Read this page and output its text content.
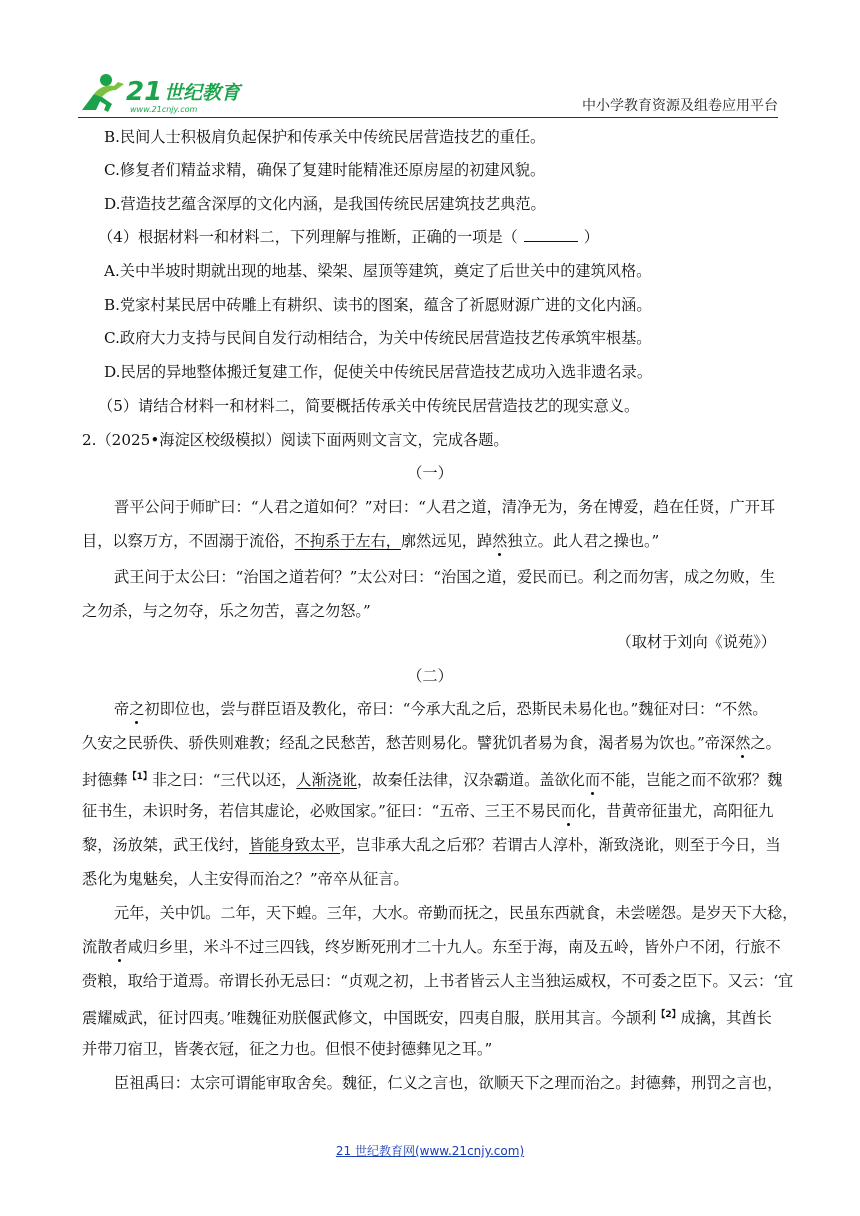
21 世纪教育
www.21cnjy.com	中小学教育资源及组卷应用平台
B.民间人士积极肩负起保护和传承关中传统民居营造技艺的重任。
C.修复者们精益求精，确保了复建时能精准还原房屋的初建风貌。
D.营造技艺蕴含深厚的文化内涵，是我国传统民居建筑技艺典范。
（4）根据材料一和材料二，下列理解与推断，正确的一项是（	）
A.关中半坡时期就出现的地基、梁架、屋顶等建筑，奠定了后世关中的建筑风格。
B.党家村某民居中砖雕上有耕织、读书的图案，蕴含了祈愿财源广进的文化内涵。
C.政府大力支持与民间自发行动相结合，为关中传统民居营造技艺传承筑牢根基。
D.民居的异地整体搬迁复建工作，促使关中传统民居营造技艺成功入选非遗名录。
（5）请结合材料一和材料二，简要概括传承关中传统民居营造技艺的现实意义。
2.（2025•海淀区校级模拟）阅读下面两则文言文，完成各题。
（一）
晋平公问于师旷曰：“人君之道如何？”对曰：“人君之道，清净无为，务在博爱，趋在任贤，广开耳
目，以察万方，不固溺于流俗，不拘系于左右，廓然远见，踔然独立。此人君之操也。”
武王问于太公曰：“治国之道若何？”太公对曰：“治国之道，爱民而已。利之而勿害，成之勿败，生
之勿杀，与之勿夺，乐之勿苦，喜之勿怒。”
（取材于刘向《说苑》）
（二）
帝之初即位也，尝与群臣语及教化，帝曰：“今承大乱之后，恐斯民未易化也。”魏征对曰：“不然。
久安之民骄佚、骄佚则难教；经乱之民愁苦，愁苦则易化。譬犹饥者易为食，渴者易为饮也。”帝深然之。
封德彝$^{【1】}$非之曰：“三代以还，人渐浇讹，故秦任法律，汉杂霸道。盖欲化而不能，岂能之而不欲邪？魏
征书生，未识时务，若信其虚论，必败国家。”征曰：“五帝、三王不易民而化，昔黄帝征蚩尤，高阳征九
黎，汤放桀，武王伐纣，皆能身致太平，岂非承大乱之后邪？若谓古人淳朴，渐致浇讹，则至于今日，当
悉化为鬼魅矣，人主安得而治之？”帝卒从征言。
元年，关中饥。二年，天下蝗。三年，大水。帝勤而抚之，民虽东西就食，未尝嗟怨。是岁天下大稔，
流散者咸归乡里，米斗不过三四钱，终岁断死刑才二十九人。东至于海，南及五岭，皆外户不闭，行旅不
赍粮，取给于道焉。帝谓长孙无忌曰：“贞观之初，上书者皆云人主当独运威权，不可委之臣下。又云：‘宜
震耀威武，征讨四夷。’唯魏征劝朕偃武修文，中国既安，四夷自服，朕用其言。今颉利$^{【2】}$成擒，其酋长
并带刀宿卫，皆袭衣冠，征之力也。但恨不使封德彝见之耳。”
臣祖禹曰：太宗可谓能审取舍矣。魏征，仁义之言也，欲顺天下之理而治之。封德彝，刑罚之言也，
21 世纪教育网(www.21cnjy.com)
